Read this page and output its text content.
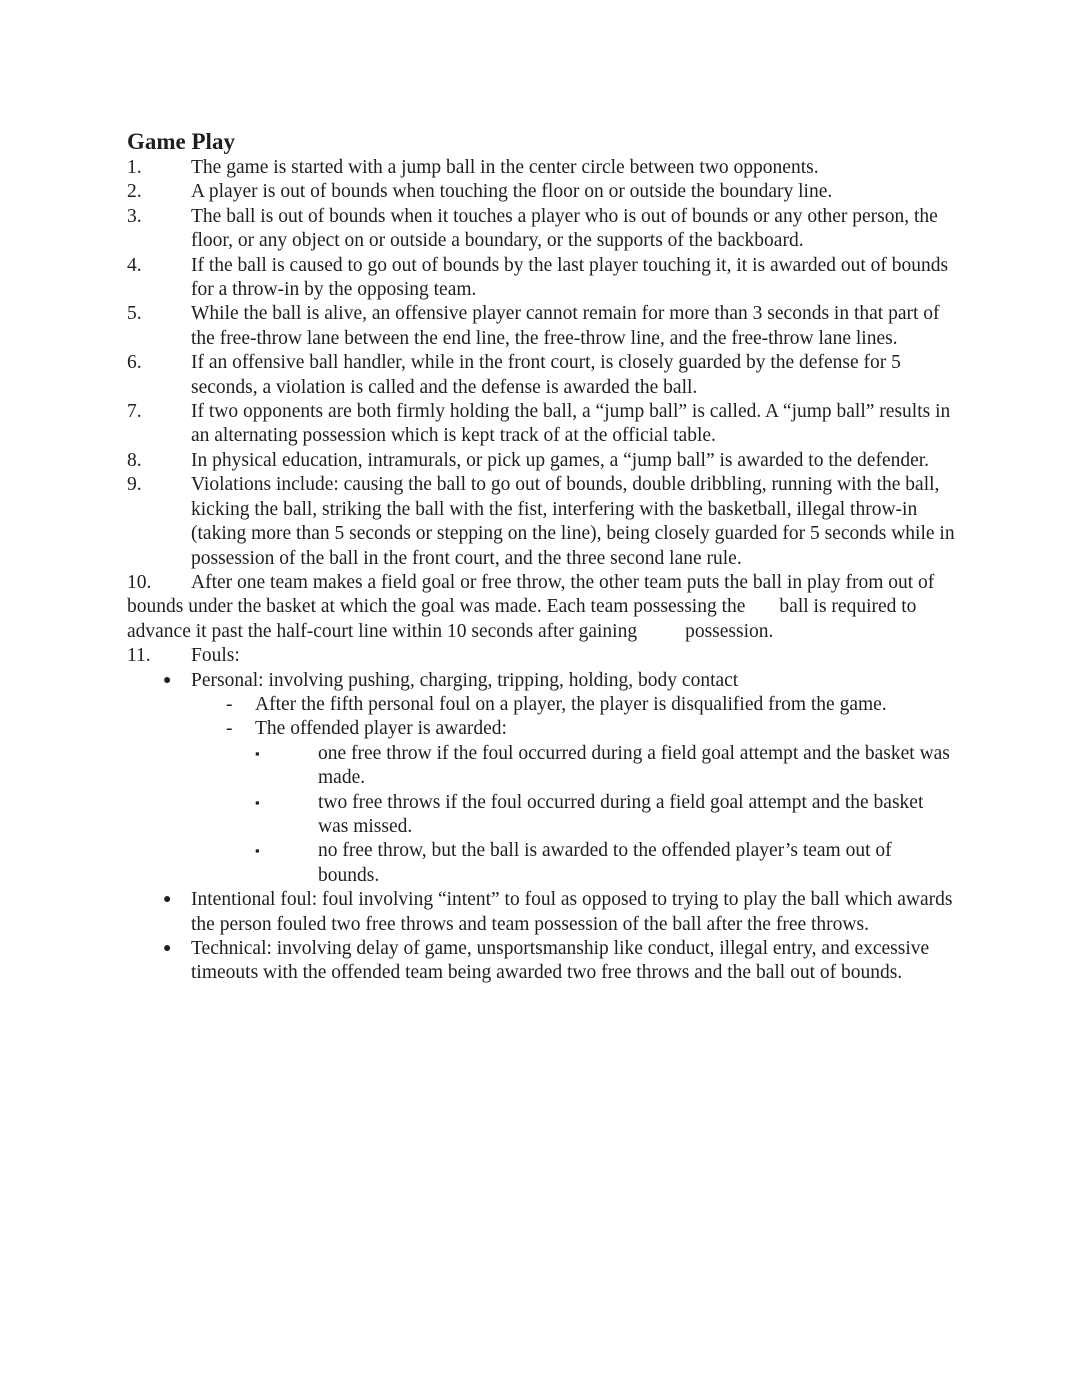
Game Play
1.	The game is started with a jump ball in the center circle between two opponents.
2.	A player is out of bounds when touching the floor on or outside the boundary line.
3.	The ball is out of bounds when it touches a player who is out of bounds or any other person, the floor, or any object on or outside a boundary, or the supports of the backboard.
4.	If the ball is caused to go out of bounds by the last player touching it, it is awarded out of bounds for a throw-in by the opposing team.
5.	While the ball is alive, an offensive player cannot remain for more than 3 seconds in that part of the free-throw lane between the end line, the free-throw line, and the free-throw lane lines.
6.	If an offensive ball handler, while in the front court, is closely guarded by the defense for 5 seconds, a violation is called and the defense is awarded the ball.
7.	If two opponents are both firmly holding the ball, a “jump ball” is called. A “jump ball” results in an alternating possession which is kept track of at the official table.
8.	In physical education, intramurals, or pick up games, a “jump ball” is awarded to the defender.
9.	Violations include: causing the ball to go out of bounds, double dribbling, running with the ball, kicking the ball, striking the ball with the fist, interfering with the basketball, illegal throw-in (taking more than 5 seconds or stepping on the line), being closely guarded for 5 seconds while in possession of the ball in the front court, and the three second lane rule.
10. After one team makes a field goal or free throw, the other team puts the ball in play from out of bounds under the basket at which the goal was made. Each team possessing the ball is required to advance it past the half-court line within 10 seconds after gaining possession.
11.	Fouls:
●	Personal: involving pushing, charging, tripping, holding, body contact
-	After the fifth personal foul on a player, the player is disqualified from the game.
-	The offended player is awarded:
▪	one free throw if the foul occurred during a field goal attempt and the basket was made.
▪	two free throws if the foul occurred during a field goal attempt and the basket was missed.
▪	no free throw, but the ball is awarded to the offended player’s team out of bounds.
●	Intentional foul: foul involving “intent” to foul as opposed to trying to play the ball which awards the person fouled two free throws and team possession of the ball after the free throws.
●	Technical: involving delay of game, unsportsmanship like conduct, illegal entry, and excessive timeouts with the offended team being awarded two free throws and the ball out of bounds.
